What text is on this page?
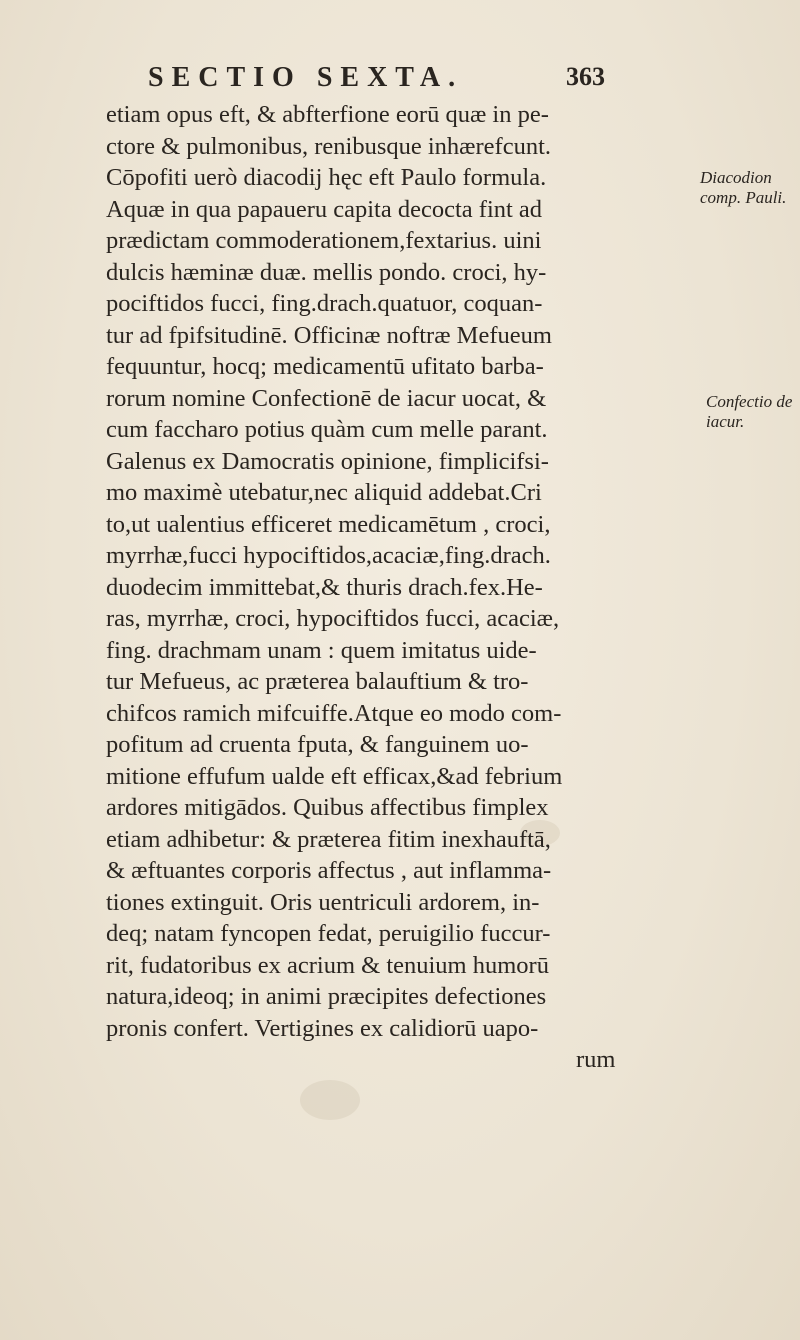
SECTIO SEXTA.	363
etiam opus eft, & abfterfione eorū quæ in pe-
ctore & pulmonibus, renibusque inhærefcunt.
Cōpofiti uerò diacodij hęc eft Paulo formula.
Aquæ in qua papaueru capita decocta fint ad
prædictam commoderationem,fextarius. uini
dulcis hæminæ duæ. mellis pondo. croci, hy-
pociftidos fucci, fing.drach.quatuor, coquan-
tur ad fpifsitudinē. Officinæ noftræ Mefueum
fequuntur, hocq; medicamentū ufitato barba-
rorum nomine Confectionē de iacur uocat, &
cum faccharo potius quàm cum melle parant.
Galenus ex Damocratis opinione, fimplicifsi-
mo maximè utebatur,nec aliquid addebat.Cri
to,ut ualentius efficeret medicamētum , croci,
myrrhæ,fucci hypociftidos,acaciæ,fing.drach.
duodecim immittebat,& thuris drach.fex.He-
ras, myrrhæ, croci, hypociftidos fucci, acaciæ,
fing. drachmam unam : quem imitatus uide-
tur Mefueus, ac præterea balauftium & tro-
chifcos ramich mifcuiffe.Atque eo modo com-
pofitum ad cruenta fputa, & fanguinem uo-
mitione effufum ualde eft efficax,&ad febrium
ardores mitigādos. Quibus affectibus fimplex
etiam adhibetur: & præterea fitim inexhauftā,
& æftuantes corporis affectus , aut inflamma-
tiones extinguit. Oris uentriculi ardorem, in-
deq; natam fyncopen fedat, peruigilio fuccur-
rit, fudatoribus ex acrium & tenuium humorū
natura,ideoq; in animi præcipites defectiones
pronis confert. Vertigines ex calidiorū uapo-
rum
Diacodion
comp. Pauli.
Confectio de
iacur.
